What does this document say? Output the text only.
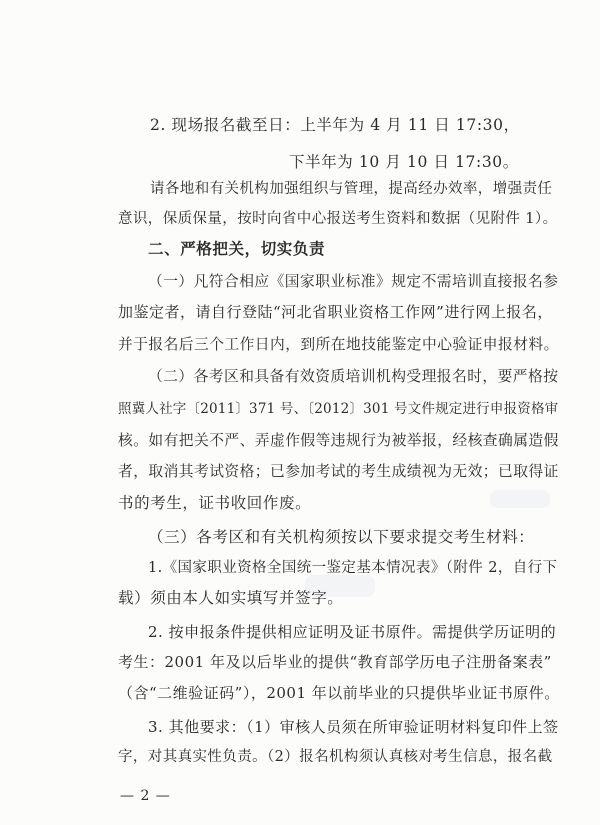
2. 现场报名截至日：上半年为 4 月 11 日 17:30，
下半年为 10 月 10 日 17:30。
请各地和有关机构加强组织与管理，提高经办效率，增强责任
意识，保质保量，按时向省中心报送考生资料和数据（见附件 1）。
二、严格把关，切实负责
（一）凡符合相应《国家职业标准》规定不需培训直接报名参
加鉴定者，请自行登陆“河北省职业资格工作网”进行网上报名，
并于报名后三个工作日内，到所在地技能鉴定中心验证申报材料。
（二）各考区和具备有效资质培训机构受理报名时，要严格按
照冀人社字〔2011〕371 号、〔2012〕301 号文件规定进行申报资格审
核。如有把关不严、弄虚作假等违规行为被举报，经核查确属造假
者，取消其考试资格；已参加考试的考生成绩视为无效；已取得证
书的考生，证书收回作废。
（三）各考区和有关机构须按以下要求提交考生材料：
1.《国家职业资格全国统一鉴定基本情况表》（附件 2，自行下
载）须由本人如实填写并签字。
2. 按申报条件提供相应证明及证书原件。需提供学历证明的
考生：2001 年及以后毕业的提供“教育部学历电子注册备案表”
（含“二维验证码”），2001 年以前毕业的只提供毕业证书原件。
3. 其他要求：（1）审核人员须在所审验证明材料复印件上签
字，对其真实性负责。（2）报名机构须认真核对考生信息，报名截
— 2 —
